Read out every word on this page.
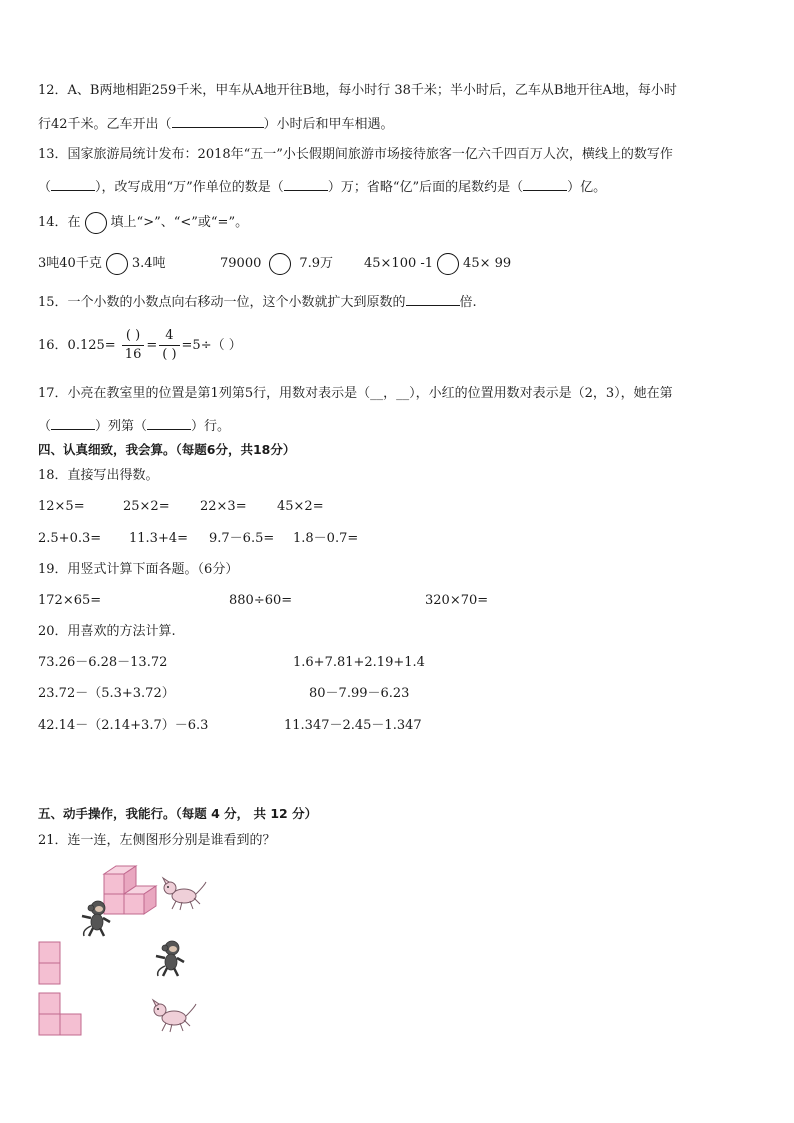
12．A、B两地相距259千米，甲车从A地开往B地，每小时行 38千米；半小时后，乙车从B地开往A地，每小时
行42千米。乙车开出（	）小时后和甲车相遇。
13．国家旅游局统计发布：2018年“五一”小长假期间旅游市场接待旅客一亿六千四百万人次，横线上的数写作
（	），改写成用“万”作单位的数是（	）万；省略“亿”后面的尾数约是（	）亿。
14．在 填上“>”、“<”或“=”。
3吨40千克 3.4吨	79000	7.9万 45×100 -1 45× 99
15．一个小数的小数点向右移动一位，这个小数就扩大到原数的	倍.
16．$0.125= \frac{( )}{16} = \frac{4}{( )} =5\div$（ ）
17．小亮在教室里的位置是第1列第5行，用数对表示是（__，__），小红的位置用数对表示是（2，3），她在第
（	）列第（	）行。
四、认真细致，我会算。（每题6分，共18分）
18．直接写出得数。
12×5=	25×2= 22×3= 45×2=
2.5+0.3= 11.3+4= 9.7－6.5= 1.8－0.7=
19．用竖式计算下面各题。（6分）
172×65=	880÷60=	320×70=
20．用喜欢的方法计算.
73.26－6.28－13.72	1.6+7.81+2.19+1.4
23.72－（5.3+3.72）	80－7.99－6.23
42.14－（2.14+3.7）－6.3	11.347－2.45－1.347
五、动手操作，我能行。（每题 4 分， 共 12 分）
21．连一连，左侧图形分别是谁看到的？
